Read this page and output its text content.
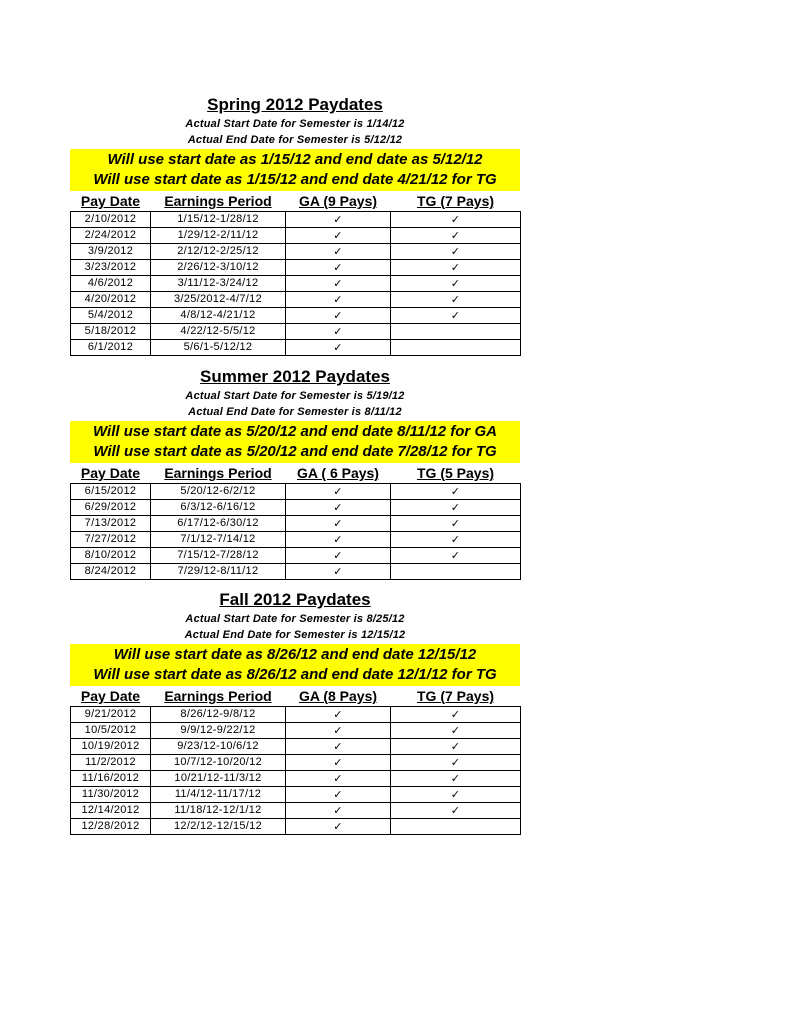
Spring 2012 Paydates
Actual Start Date for Semester is 1/14/12
Actual End Date for Semester is 5/12/12
Will use start date as 1/15/12 and end date as 5/12/12
Will use start date as 1/15/12 and end date 4/21/12 for TG
Pay Date	Earnings Period	GA (9 Pays)	TG (7 Pays)
2/10/2012	1/15/12-1/28/12	✓	✓
2/24/2012	1/29/12-2/11/12	✓	✓
3/9/2012	2/12/12-2/25/12	✓	✓
3/23/2012	2/26/12-3/10/12	✓	✓
4/6/2012	3/11/12-3/24/12	✓	✓
4/20/2012	3/25/2012-4/7/12	✓	✓
5/4/2012	4/8/12-4/21/12	✓	✓
5/18/2012	4/22/12-5/5/12	✓	
6/1/2012	5/6/1-5/12/12	✓	
Summer 2012 Paydates
Actual Start Date for Semester is 5/19/12
Actual End Date for Semester is 8/11/12
Will use start date as 5/20/12 and end date 8/11/12 for GA
Will use start date as 5/20/12 and end date 7/28/12 for TG
Pay Date	Earnings Period	GA ( 6 Pays)	TG (5 Pays)
6/15/2012	5/20/12-6/2/12	✓	✓
6/29/2012	6/3/12-6/16/12	✓	✓
7/13/2012	6/17/12-6/30/12	✓	✓
7/27/2012	7/1/12-7/14/12	✓	✓
8/10/2012	7/15/12-7/28/12	✓	✓
8/24/2012	7/29/12-8/11/12	✓	
Fall 2012 Paydates
Actual Start Date for Semester is 8/25/12
Actual End Date for Semester is 12/15/12
Will use start date as 8/26/12 and end date 12/15/12
Will use start date as 8/26/12 and end date 12/1/12 for TG
Pay Date	Earnings Period	GA (8 Pays)	TG (7 Pays)
9/21/2012	8/26/12-9/8/12	✓	✓
10/5/2012	9/9/12-9/22/12	✓	✓
10/19/2012	9/23/12-10/6/12	✓	✓
11/2/2012	10/7/12-10/20/12	✓	✓
11/16/2012	10/21/12-11/3/12	✓	✓
11/30/2012	11/4/12-11/17/12	✓	✓
12/14/2012	11/18/12-12/1/12	✓	✓
12/28/2012	12/2/12-12/15/12	✓	
